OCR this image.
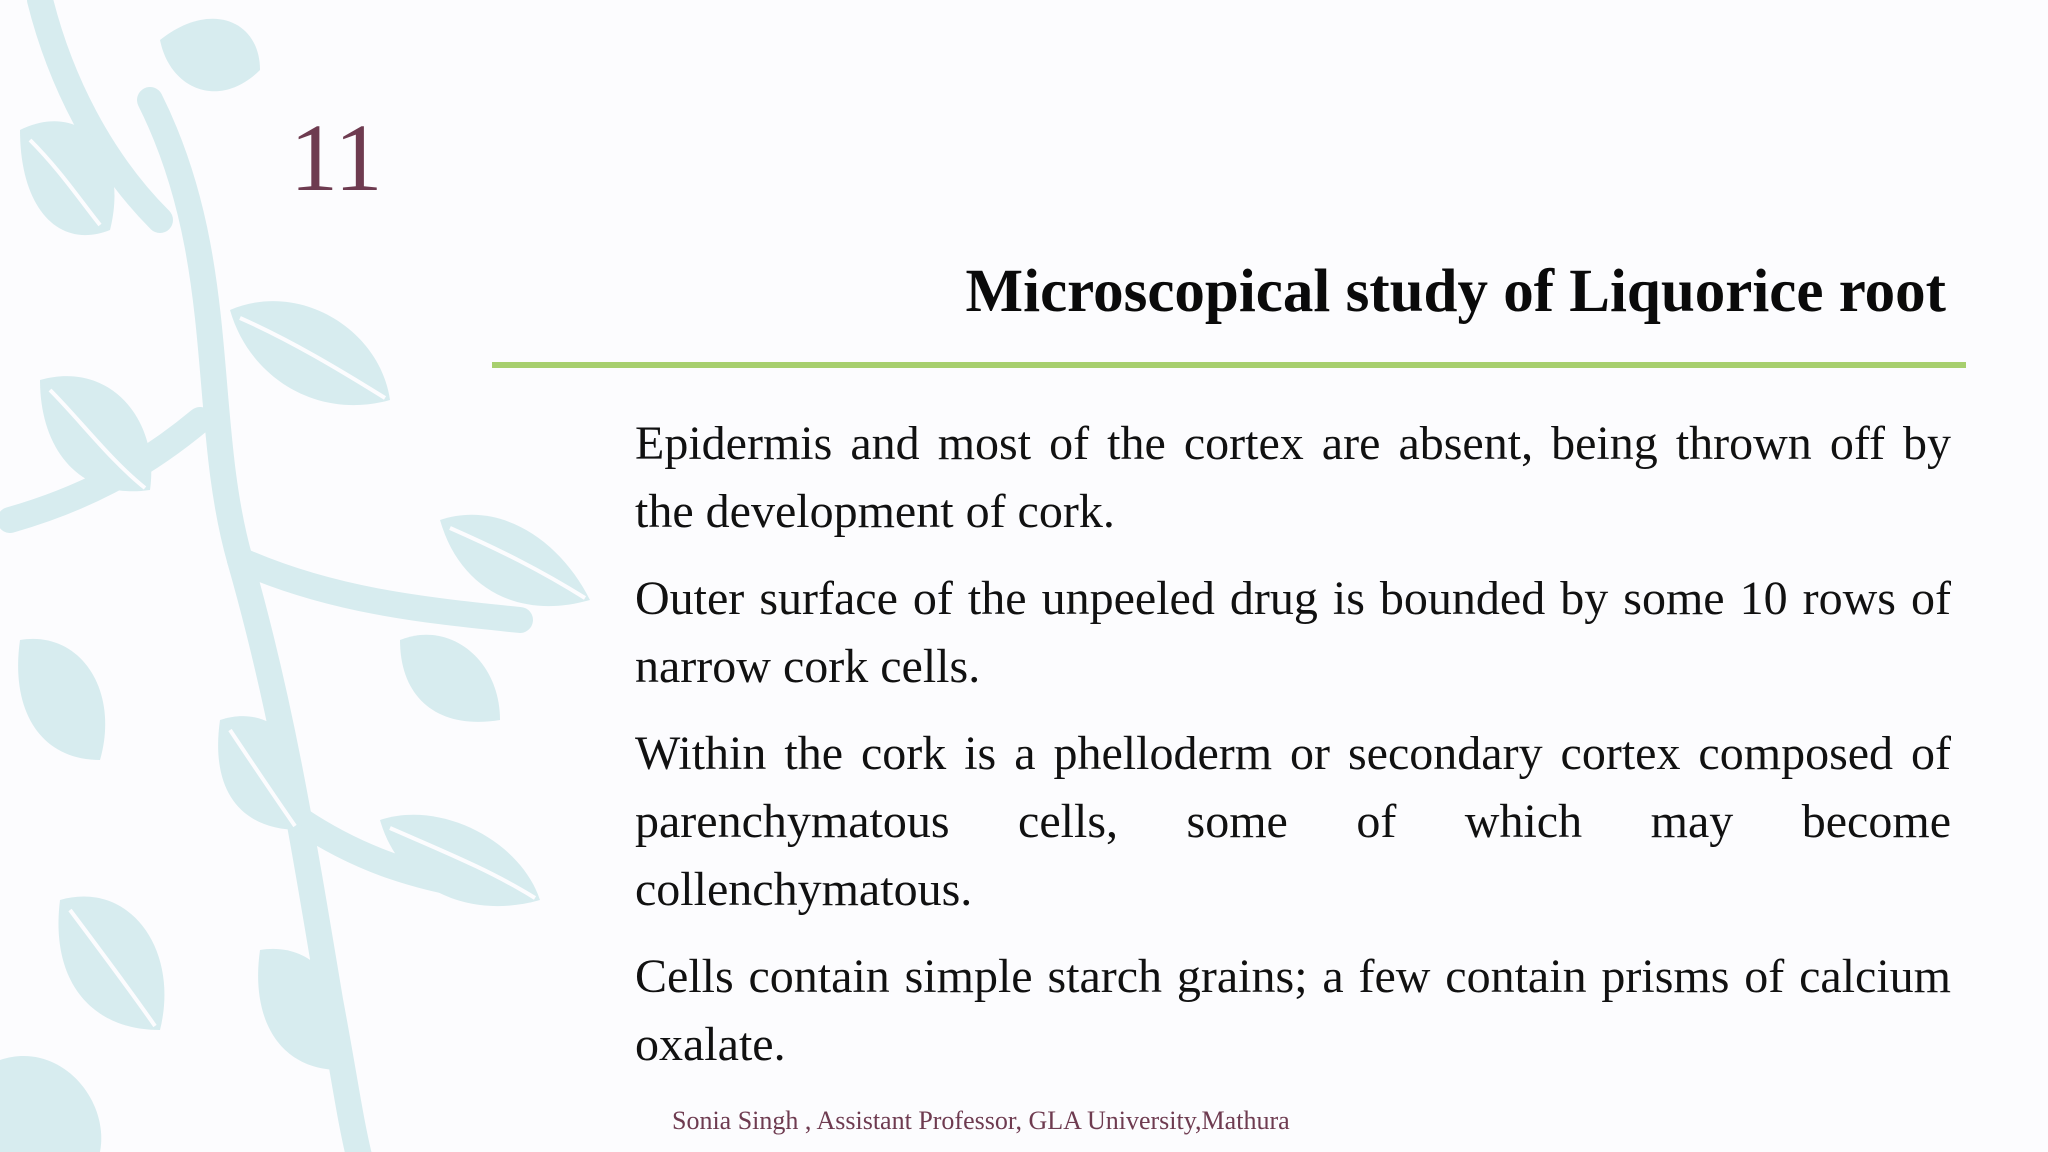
11
Microscopical study of Liquorice root

Epidermis and most of the cortex are absent, being thrown off by the development of cork.

Outer surface of the unpeeled drug is bounded by some 10 rows of narrow cork cells.

Within the cork is a phelloderm or secondary cortex composed of parenchymatous cells, some of which may become collenchymatous.

Cells contain simple starch grains; a few contain prisms of calcium oxalate.

Sonia Singh , Assistant Professor, GLA University,Mathura
